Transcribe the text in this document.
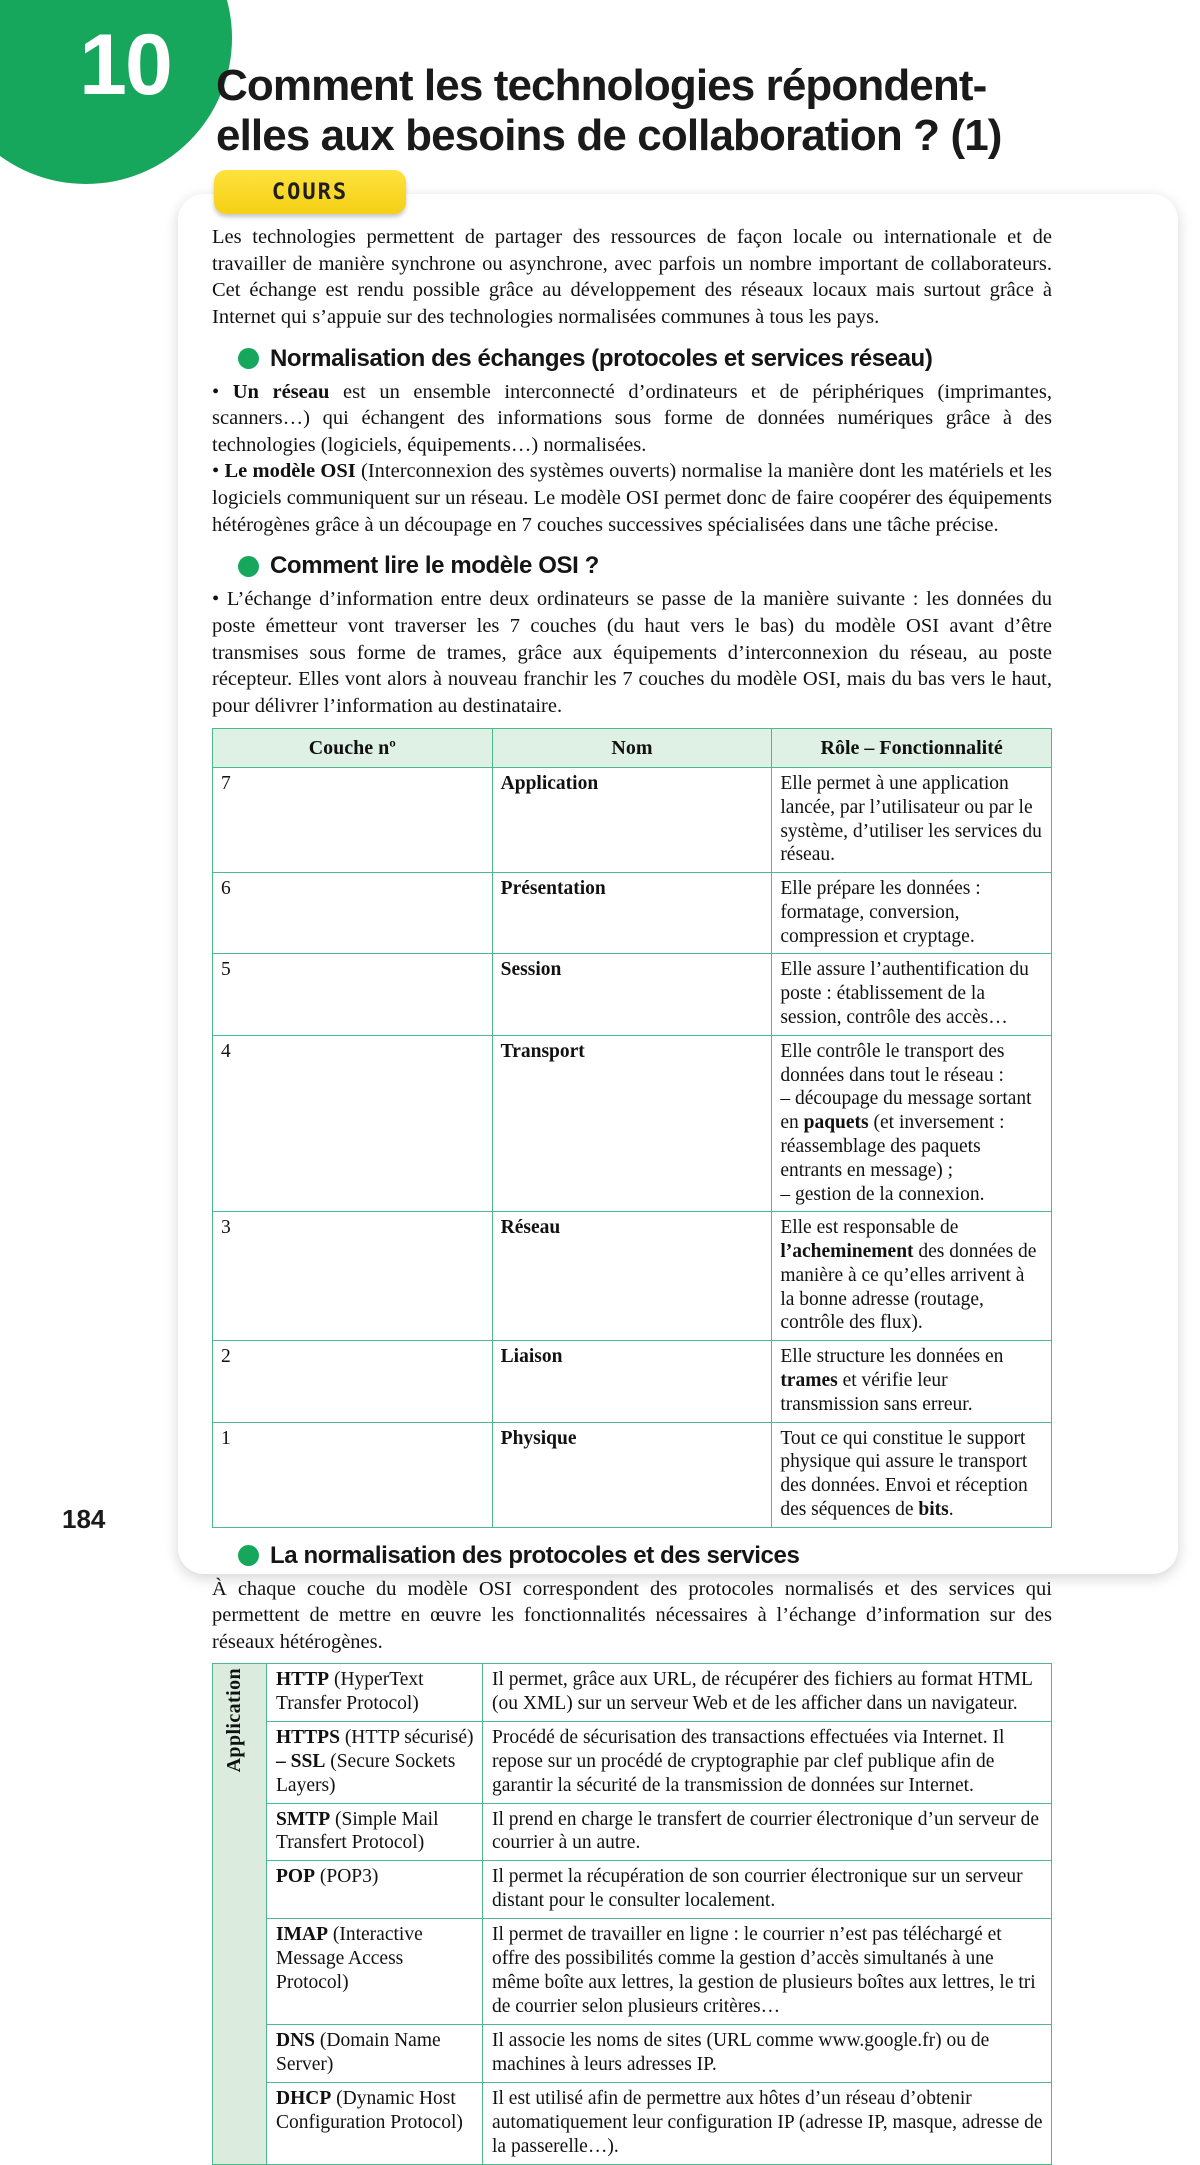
10	Comment les technologies répondent-elles aux besoins de collaboration ? (1)
COURS

Les technologies permettent de partager des ressources de façon locale ou internationale et de travailler de manière synchrone ou asynchrone, avec parfois un nombre important de collaborateurs. Cet échange est rendu possible grâce au développement des réseaux locaux mais surtout grâce à Internet qui s’appuie sur des technologies normalisées communes à tous les pays.

Normalisation des échanges (protocoles et services réseau)

• Un réseau est un ensemble interconnecté d’ordinateurs et de périphériques (imprimantes, scanners…) qui échangent des informations sous forme de données numériques grâce à des technologies (logiciels, équipements…) normalisées.

• Le modèle OSI (Interconnexion des systèmes ouverts) normalise la manière dont les matériels et les logiciels communiquent sur un réseau. Le modèle OSI permet donc de faire coopérer des équipements hétérogènes grâce à un découpage en 7 couches successives spécialisées dans une tâche précise.

Comment lire le modèle OSI ?

• L’échange d’information entre deux ordinateurs se passe de la manière suivante : les données du poste émetteur vont traverser les 7 couches (du haut vers le bas) du modèle OSI avant d’être transmises sous forme de trames, grâce aux équipements d’interconnexion du réseau, au poste récepteur. Elles vont alors à nouveau franchir les 7 couches du modèle OSI, mais du bas vers le haut, pour délivrer l’information au destinataire.

Couche nº	Nom	Rôle – Fonctionnalité
7	Application	Elle permet à une application lancée, par l’utilisateur ou par le système, d’utiliser les services du réseau.
6	Présentation	Elle prépare les données : formatage, conversion, compression et cryptage.
5	Session	Elle assure l’authentification du poste : établissement de la session, contrôle des accès…
4	Transport	Elle contrôle le transport des données dans tout le réseau :
– découpage du message sortant en paquets (et inversement : réassemblage des paquets entrants en message) ;
– gestion de la connexion.
3	Réseau	Elle est responsable de l’acheminement des données de manière à ce qu’elles arrivent à la bonne adresse (routage, contrôle des flux).
2	Liaison	Elle structure les données en trames et vérifie leur transmission sans erreur.
1	Physique	Tout ce qui constitue le support physique qui assure le transport des données. Envoi et réception des séquences de bits.
La normalisation des protocoles et des services

À chaque couche du modèle OSI correspondent des protocoles normalisés et des services qui permettent de mettre en œuvre les fonctionnalités nécessaires à l’échange d’information sur des réseaux hétérogènes.

Application	HTTP (HyperText Transfer Protocol)	Il permet, grâce aux URL, de récupérer des fichiers au format HTML (ou XML) sur un serveur Web et de les afficher dans un navigateur.
	HTTPS (HTTP sécurisé) – SSL (Secure Sockets Layers)	Procédé de sécurisation des transactions effectuées via Internet. Il repose sur un procédé de cryptographie par clef publique afin de garantir la sécurité de la transmission de données sur Internet.
	SMTP (Simple Mail Transfert Protocol)	Il prend en charge le transfert de courrier électronique d’un serveur de courrier à un autre.
	POP (POP3)	Il permet la récupération de son courrier électronique sur un serveur distant pour le consulter localement.
	IMAP (Interactive Message Access Protocol)	Il permet de travailler en ligne : le courrier n’est pas téléchargé et offre des possibilités comme la gestion d’accès simultanés à une même boîte aux lettres, la gestion de plusieurs boîtes aux lettres, le tri de courrier selon plusieurs critères…
	DNS (Domain Name Server)	Il associe les noms de sites (URL comme www.google.fr) ou de machines à leurs adresses IP.
	DHCP (Dynamic Host Configuration Protocol)	Il est utilisé afin de permettre aux hôtes d’un réseau d’obtenir automatiquement leur configuration IP (adresse IP, masque, adresse de la passerelle…).
184
